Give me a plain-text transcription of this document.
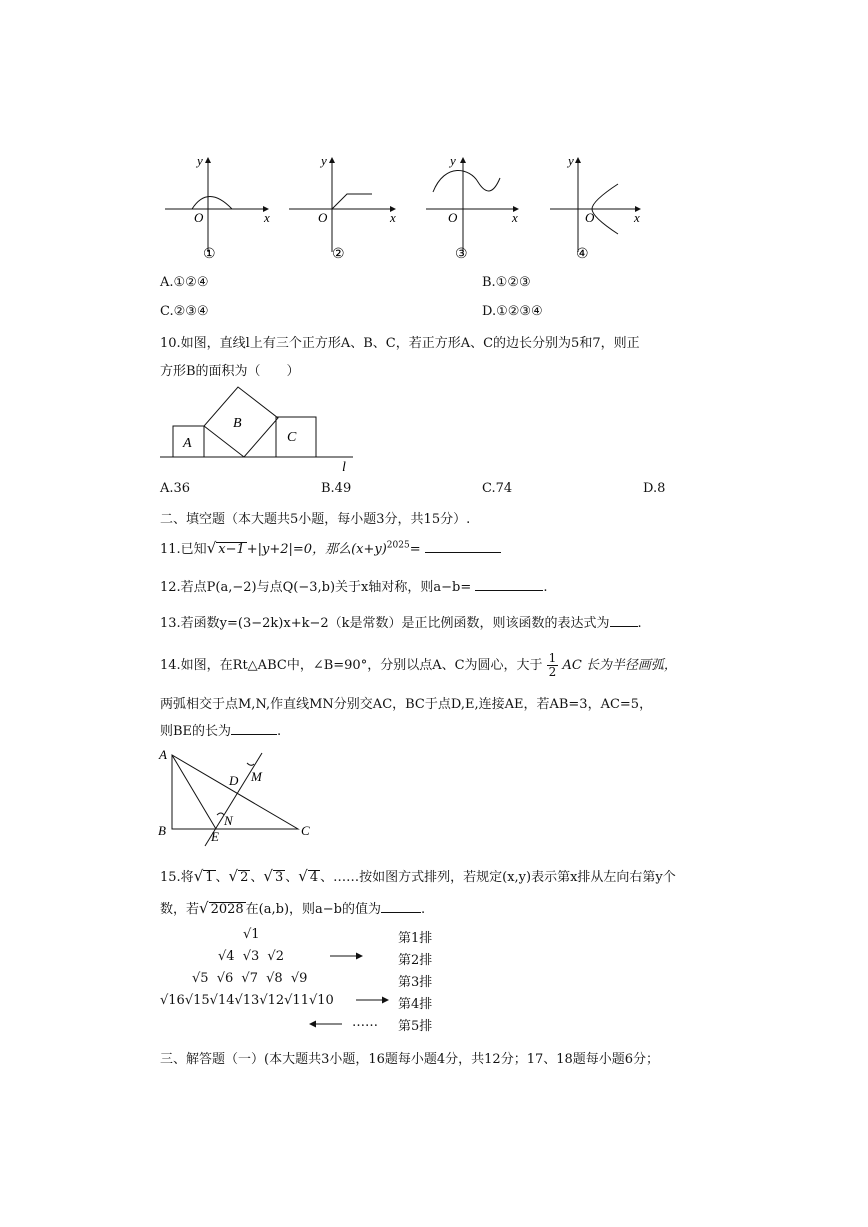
y
x
O
①
y
x
O
②
y
x
O
③
y
x
O
④
A.①②④	B.①②③
C.②③④	D.①②③④
10.如图，直线l上有三个正方形A、B、C，若正方形A、C的边长分别为5和7，则正
方形B的面积为（　　）
A
B
C
l
A.36	B.49	C.74	D.8
二、填空题（本大题共5小题，每小题3分，共15分）.
11.已知√ x−1 +|y+2|=0，那么$(x+y)^{2025}=$
12.若点P(a,−2)与点Q(−3,b)关于x轴对称，则a−b=	.
13.若函数y=(3−2k)x+k−2（k是常数）是正比例函数，则该函数的表达式为 .
14.如图，在Rt△ABC中，∠B=90°，分别以点A、C为圆心，大于 $\frac{1}{2}$ AC 长为半径画弧，
两弧相交于点M,N,作直线MN分别交AC，BC于点D,E,连接AE，若AB=3，AC=5，
则BE的长为	.
A
B	C
D M
N
E
15.将√ 1 、√ 2 、√ 3 、√ 4 、……按如图方式排列，若规定(x,y)表示第x排从左向右第y个
数，若√ 2028 在(a,b)，则a−b的值为	.
√1
√4 √3 √2
√5 √6 √7 √8 √9
√16√15√14√13√12√11√10
……
第1排
第2排
第3排
第4排
第5排
三、解答题（一）(本大题共3小题，16题每小题4分，共12分；17、18题每小题6分；
